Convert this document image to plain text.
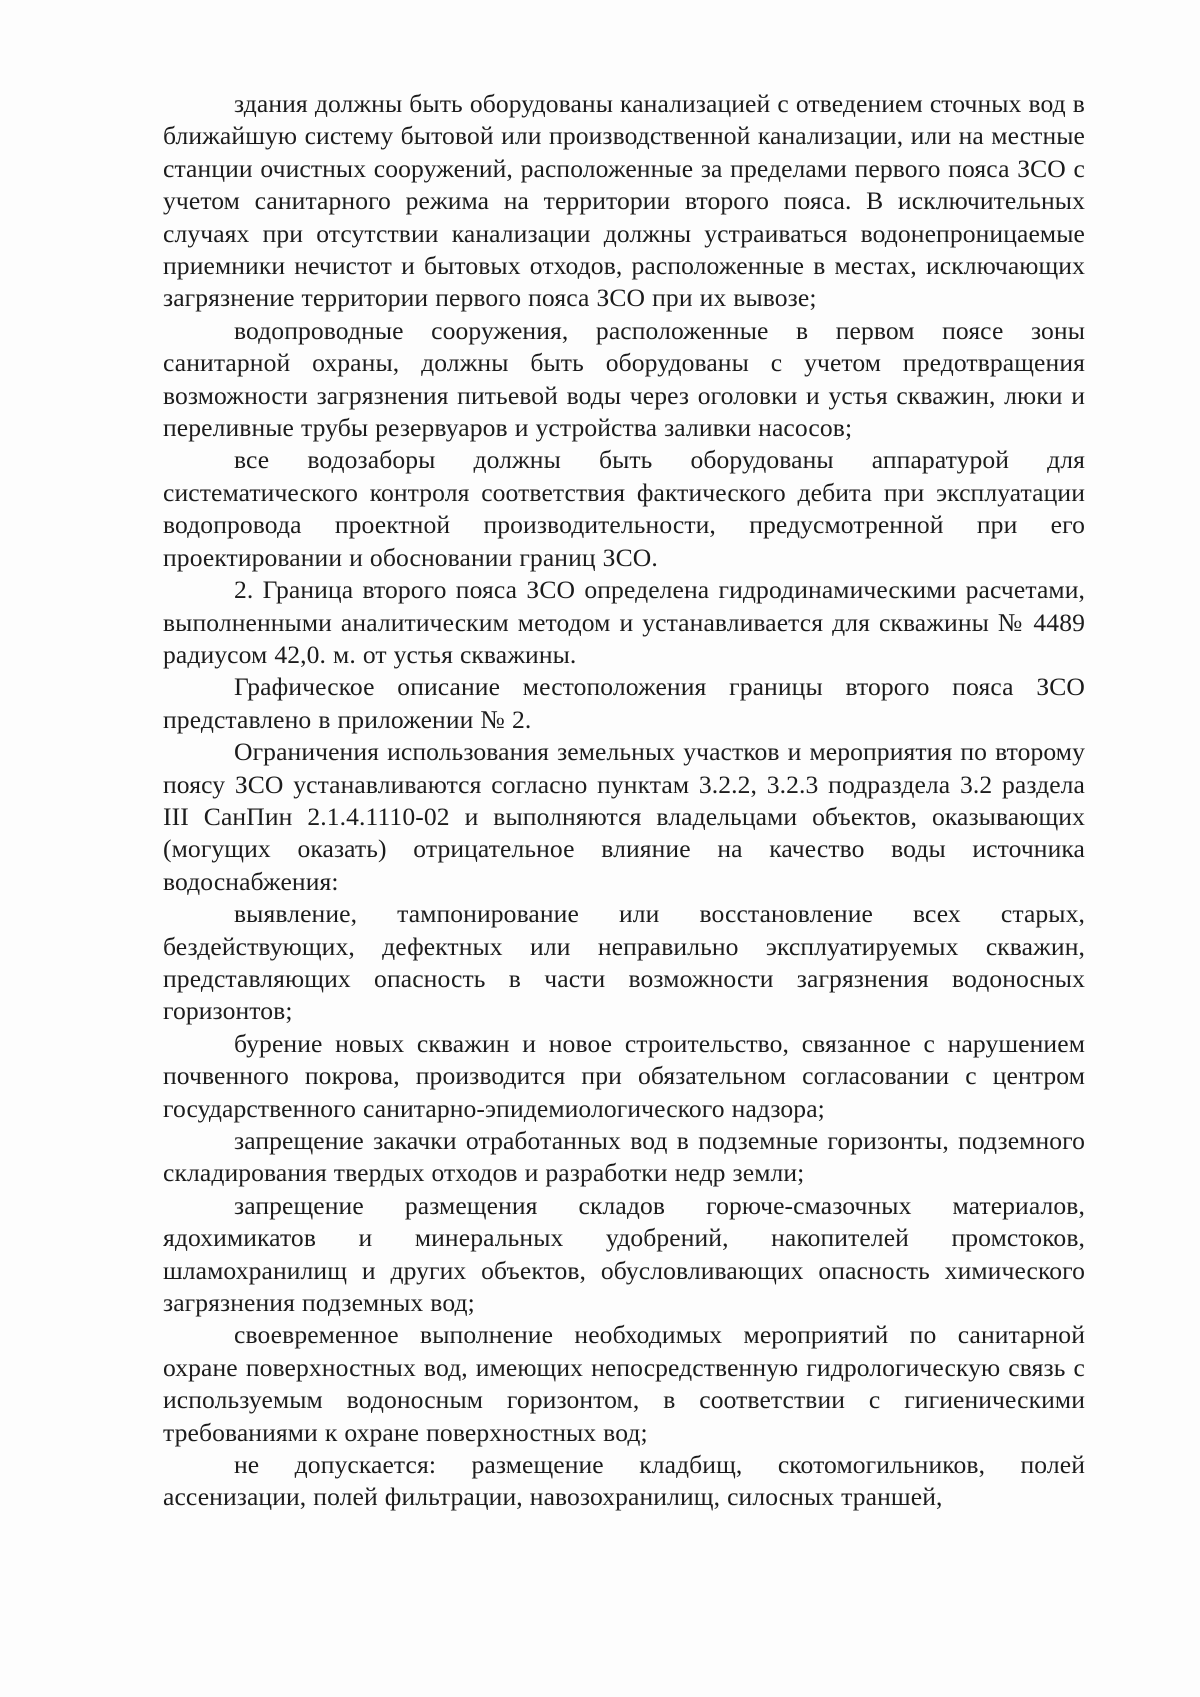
здания должны быть оборудованы канализацией с отведением сточных вод в ближайшую систему бытовой или производственной канализации, или на местные станции очистных сооружений, расположенные за пределами первого пояса ЗСО с учетом санитарного режима на территории второго пояса. В исключительных случаях при отсутствии канализации должны устраиваться водонепроницаемые приемники нечистот и бытовых отходов, расположенные в местах, исключающих загрязнение территории первого пояса ЗСО при их вывозе;

водопроводные сооружения, расположенные в первом поясе зоны санитарной охраны, должны быть оборудованы с учетом предотвращения возможности загрязнения питьевой воды через оголовки и устья скважин, люки и переливные трубы резервуаров и устройства заливки насосов;

все водозаборы должны быть оборудованы аппаратурой для систематического контроля соответствия фактического дебита при эксплуатации водопровода проектной производительности, предусмотренной при его проектировании и обосновании границ ЗСО.

2. Граница второго пояса ЗСО определена гидродинамическими расчетами, выполненными аналитическим методом и устанавливается для скважины № 4489 радиусом 42,0. м. от устья скважины.

Графическое описание местоположения границы второго пояса ЗСО представлено в приложении № 2.

Ограничения использования земельных участков и мероприятия по второму поясу ЗСО устанавливаются согласно пунктам 3.2.2, 3.2.3 подраздела 3.2 раздела III СанПин 2.1.4.1110-02 и выполняются владельцами объектов, оказывающих (могущих оказать) отрицательное влияние на качество воды источника водоснабжения:

выявление, тампонирование или восстановление всех старых, бездействующих, дефектных или неправильно эксплуатируемых скважин, представляющих опасность в части возможности загрязнения водоносных горизонтов;

бурение новых скважин и новое строительство, связанное с нарушением почвенного покрова, производится при обязательном согласовании с центром государственного санитарно-эпидемиологического надзора;

запрещение закачки отработанных вод в подземные горизонты, подземного складирования твердых отходов и разработки недр земли;

запрещение размещения складов горюче-смазочных материалов, ядохимикатов и минеральных удобрений, накопителей промстоков, шламохранилищ и других объектов, обусловливающих опасность химического загрязнения подземных вод;

своевременное выполнение необходимых мероприятий по санитарной охране поверхностных вод, имеющих непосредственную гидрологическую связь с используемым водоносным горизонтом, в соответствии с гигиеническими требованиями к охране поверхностных вод;

не допускается: размещение кладбищ, скотомогильников, полей ассенизации, полей фильтрации, навозохранилищ, силосных траншей,
